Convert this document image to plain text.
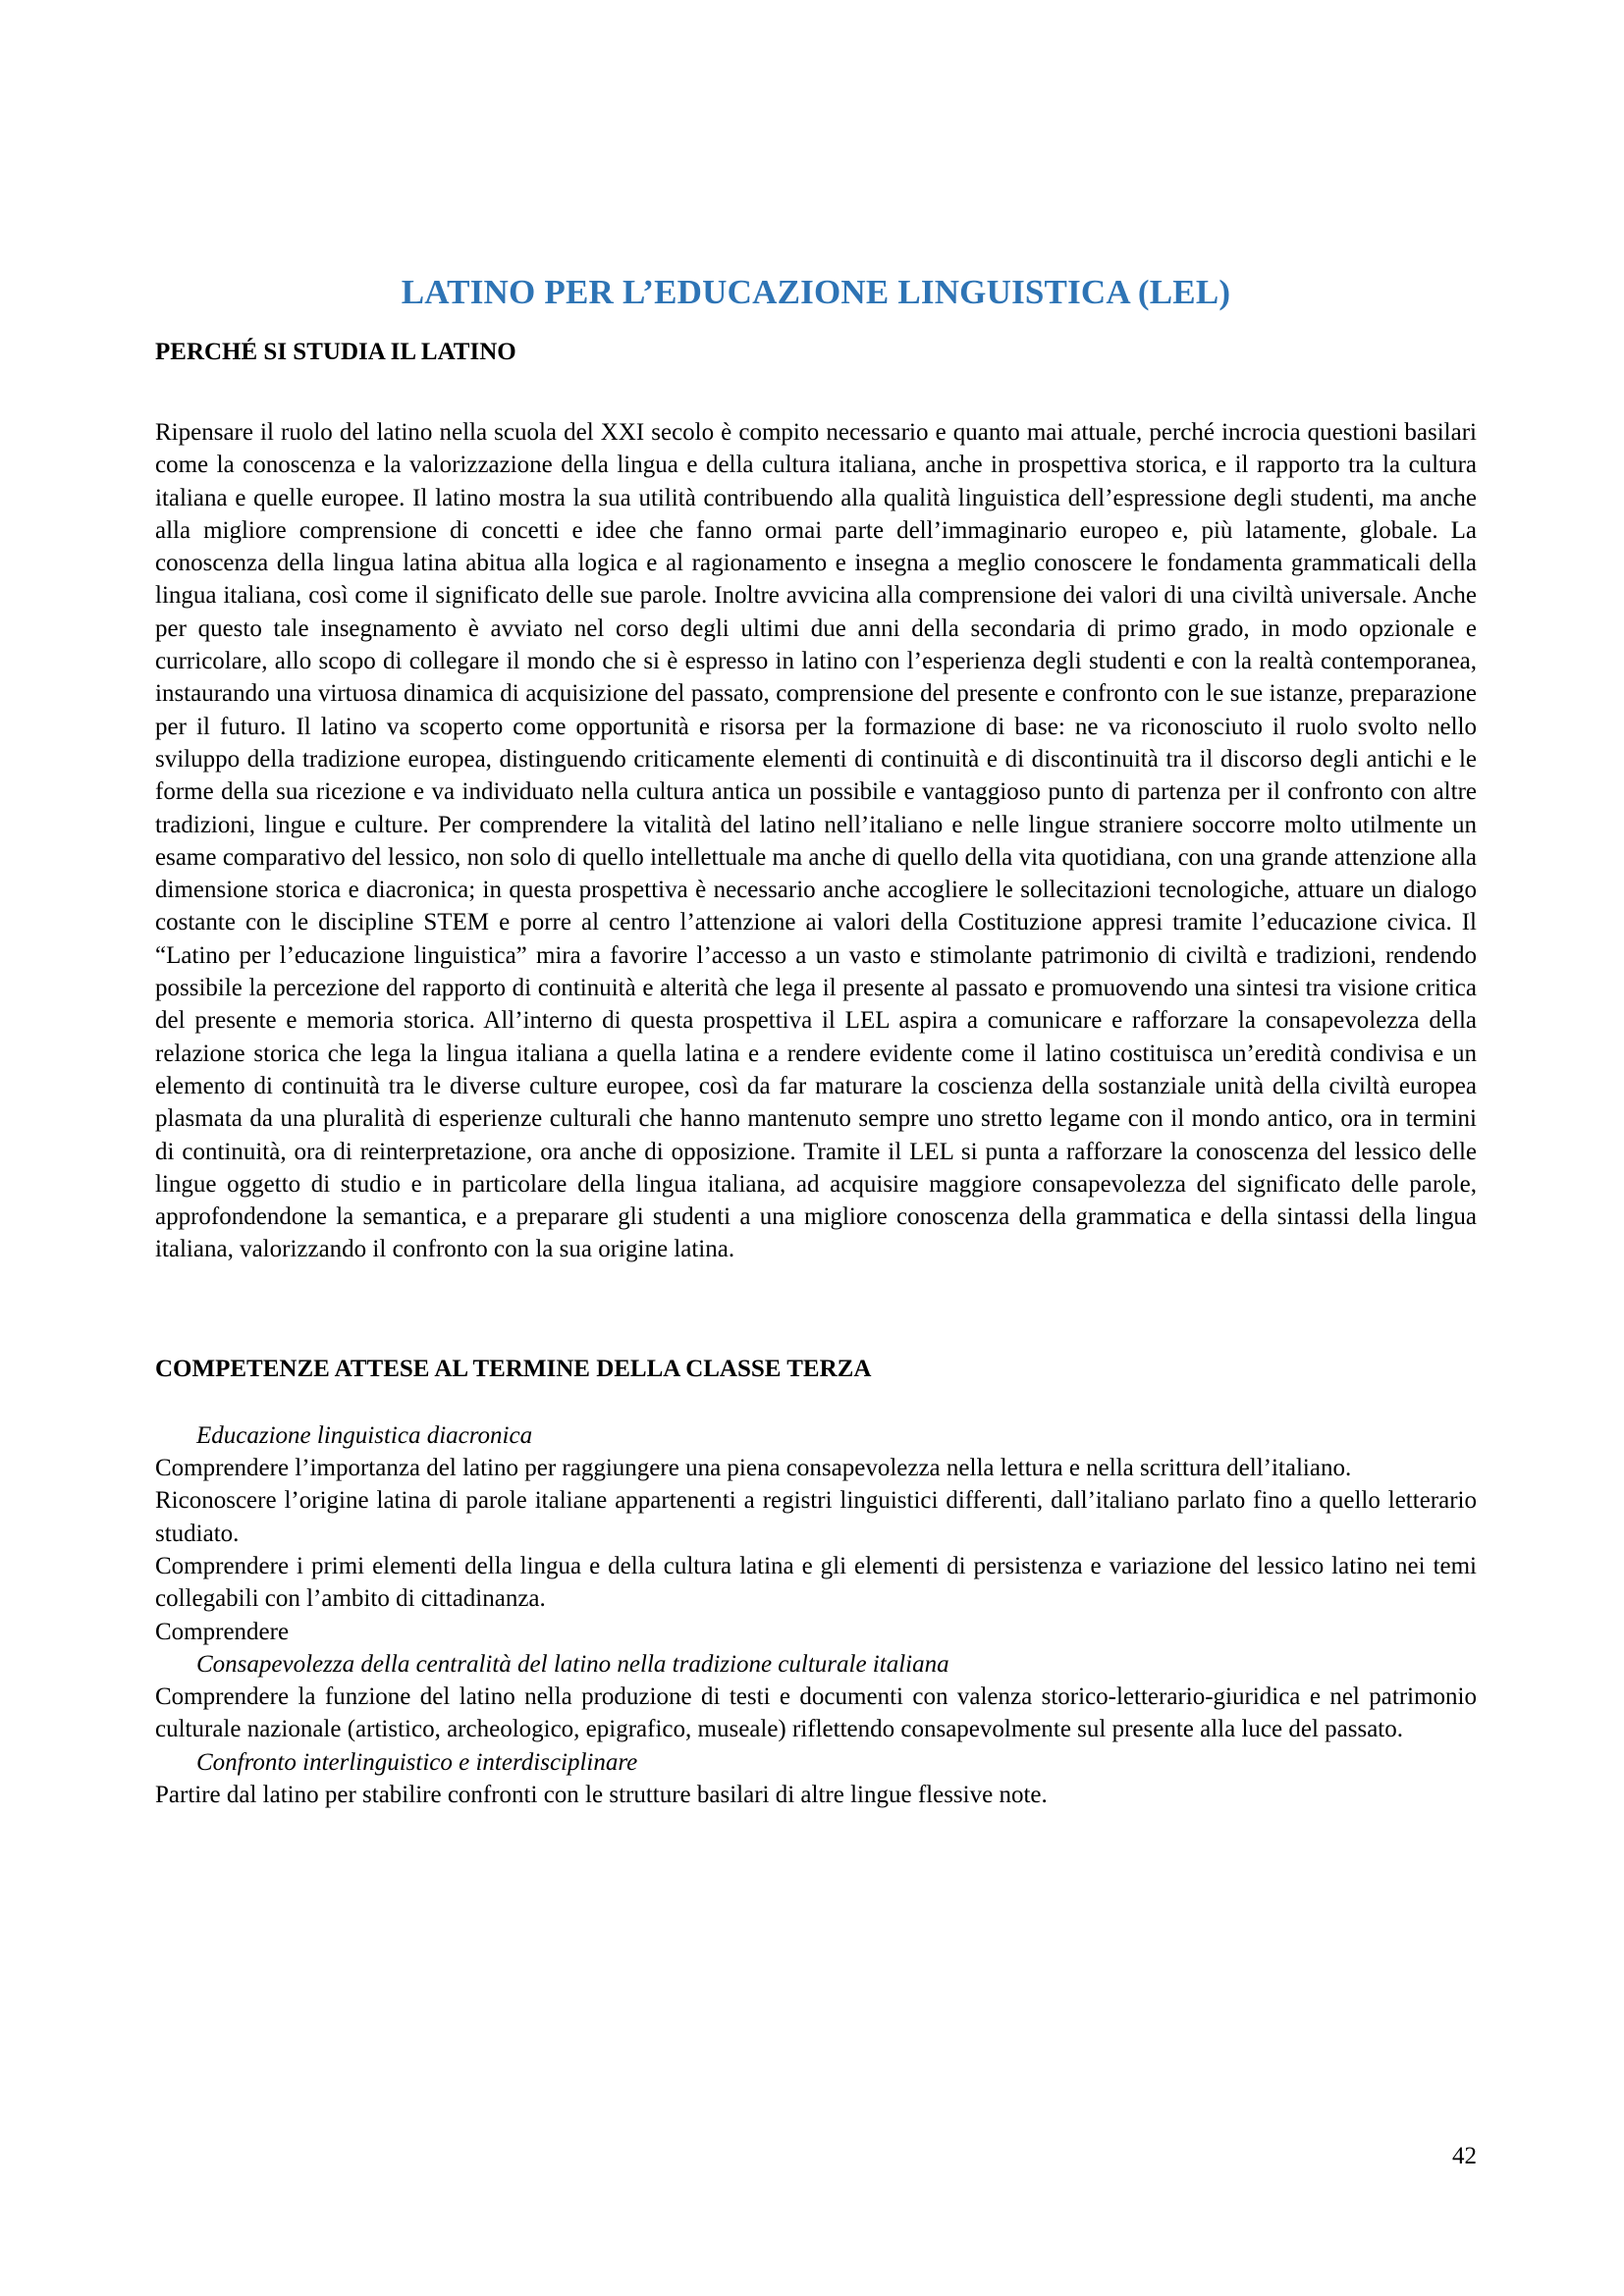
LATINO PER L’EDUCAZIONE LINGUISTICA (LEL)
PERCHÉ SI STUDIA IL LATINO

Ripensare il ruolo del latino nella scuola del XXI secolo è compito necessario e quanto mai attuale, perché incrocia questioni basilari come la conoscenza e la valorizzazione della lingua e della cultura italiana, anche in prospettiva storica, e il rapporto tra la cultura italiana e quelle europee. Il latino mostra la sua utilità contribuendo alla qualità linguistica dell’espressione degli studenti, ma anche alla migliore comprensione di concetti e idee che fanno ormai parte dell’immaginario europeo e, più latamente, globale. La conoscenza della lingua latina abitua alla logica e al ragionamento e insegna a meglio conoscere le fondamenta grammaticali della lingua italiana, così come il significato delle sue parole. Inoltre avvicina alla comprensione dei valori di una civiltà universale. Anche per questo tale insegnamento è avviato nel corso degli ultimi due anni della secondaria di primo grado, in modo opzionale e curricolare, allo scopo di collegare il mondo che si è espresso in latino con l’esperienza degli studenti e con la realtà contemporanea, instaurando una virtuosa dinamica di acquisizione del passato, comprensione del presente e confronto con le sue istanze, preparazione per il futuro. Il latino va scoperto come opportunità e risorsa per la formazione di base: ne va riconosciuto il ruolo svolto nello sviluppo della tradizione europea, distinguendo criticamente elementi di continuità e di discontinuità tra il discorso degli antichi e le forme della sua ricezione e va individuato nella cultura antica un possibile e vantaggioso punto di partenza per il confronto con altre tradizioni, lingue e culture. Per comprendere la vitalità del latino nell’italiano e nelle lingue straniere soccorre molto utilmente un esame comparativo del lessico, non solo di quello intellettuale ma anche di quello della vita quotidiana, con una grande attenzione alla dimensione storica e diacronica; in questa prospettiva è necessario anche accogliere le sollecitazioni tecnologiche, attuare un dialogo costante con le discipline STEM e porre al centro l’attenzione ai valori della Costituzione appresi tramite l’educazione civica. Il “Latino per l’educazione linguistica” mira a favorire l’accesso a un vasto e stimolante patrimonio di civiltà e tradizioni, rendendo possibile la percezione del rapporto di continuità e alterità che lega il presente al passato e promuovendo una sintesi tra visione critica del presente e memoria storica. All’interno di questa prospettiva il LEL aspira a comunicare e rafforzare la consapevolezza della relazione storica che lega la lingua italiana a quella latina e a rendere evidente come il latino costituisca un’eredità condivisa e un elemento di continuità tra le diverse culture europee, così da far maturare la coscienza della sostanziale unità della civiltà europea plasmata da una pluralità di esperienze culturali che hanno mantenuto sempre uno stretto legame con il mondo antico, ora in termini di continuità, ora di reinterpretazione, ora anche di opposizione. Tramite il LEL si punta a rafforzare la conoscenza del lessico delle lingue oggetto di studio e in particolare della lingua italiana, ad acquisire maggiore consapevolezza del significato delle parole, approfondendone la semantica, e a preparare gli studenti a una migliore conoscenza della grammatica e della sintassi della lingua italiana, valorizzando il confronto con la sua origine latina.

COMPETENZE ATTESE AL TERMINE DELLA CLASSE TERZA

Educazione linguistica diacronica

Comprendere l’importanza del latino per raggiungere una piena consapevolezza nella lettura e nella scrittura dell’italiano.

Riconoscere l’origine latina di parole italiane appartenenti a registri linguistici differenti, dall’italiano parlato fino a quello letterario studiato.

Comprendere i primi elementi della lingua e della cultura latina e gli elementi di persistenza e variazione del lessico latino nei temi collegabili con l’ambito di cittadinanza.

Comprendere

Consapevolezza della centralità del latino nella tradizione culturale italiana

Comprendere la funzione del latino nella produzione di testi e documenti con valenza storico-letterario-giuridica e nel patrimonio culturale nazionale (artistico, archeologico, epigrafico, museale) riflettendo consapevolmente sul presente alla luce del passato.

Confronto interlinguistico e interdisciplinare

Partire dal latino per stabilire confronti con le strutture basilari di altre lingue flessive note.

42
